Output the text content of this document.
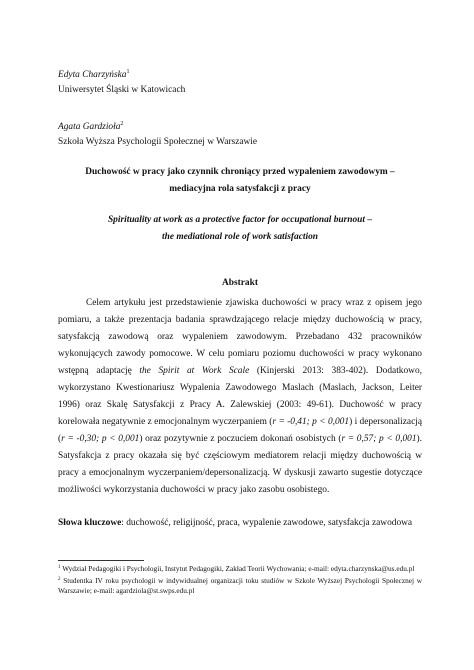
Edyta Charzyńska$^1$
Uniwersytet Śląski w Katowicach
Agata Gardzioła$^2$
Szkoła Wyższa Psychologii Społecznej w Warszawie
Duchowość w pracy jako czynnik chroniący przed wypaleniem zawodowym –
mediacyjna rola satysfakcji z pracy
Spirituality at work as a protective factor for occupational burnout –
the mediational role of work satisfaction
Abstrakt

Celem artykułu jest przedstawienie zjawiska duchowości w pracy wraz z opisem jego pomiaru, a także prezentacja badania sprawdzającego relacje między duchowością w pracy, satysfakcją zawodową oraz wypaleniem zawodowym. Przebadano 432 pracowników wykonujących zawody pomocowe. W celu pomiaru poziomu duchowości w pracy wykonano wstępną adaptację the Spirit at Work Scale (Kinjerski 2013: 383-402). Dodatkowo, wykorzystano Kwestionariusz Wypalenia Zawodowego Maslach (Maslach, Jackson, Leiter 1996) oraz Skalę Satysfakcji z Pracy A. Zalewskiej (2003: 49-61). Duchowość w pracy korelowała negatywnie z emocjonalnym wyczerpaniem (r = -0,41; p < 0,001) i depersonalizacją (r = -0,30; p < 0,001) oraz pozytywnie z poczuciem dokonań osobistych (r = 0,57; p < 0,001). Satysfakcja z pracy okazała się być częściowym mediatorem relacji między duchowością w pracy a emocjonalnym wyczerpaniem/depersonalizacją. W dyskusji zawarto sugestie dotyczące możliwości wykorzystania duchowości w pracy jako zasobu osobistego.

Słowa kluczowe: duchowość, religijność, praca, wypalenie zawodowe, satysfakcja zawodowa

$^1$ Wydział Pedagogiki i Psychologii, Instytut Pedagogiki, Zakład Teorii Wychowania; e-mail: edyta.charzynska@us.edu.pl

$^2$ Studentka IV roku psychologii w indywidualnej organizacji toku studiów w Szkole Wyższej Psychologii Społecznej w Warszawie; e-mail: agardziola@st.swps.edu.pl
